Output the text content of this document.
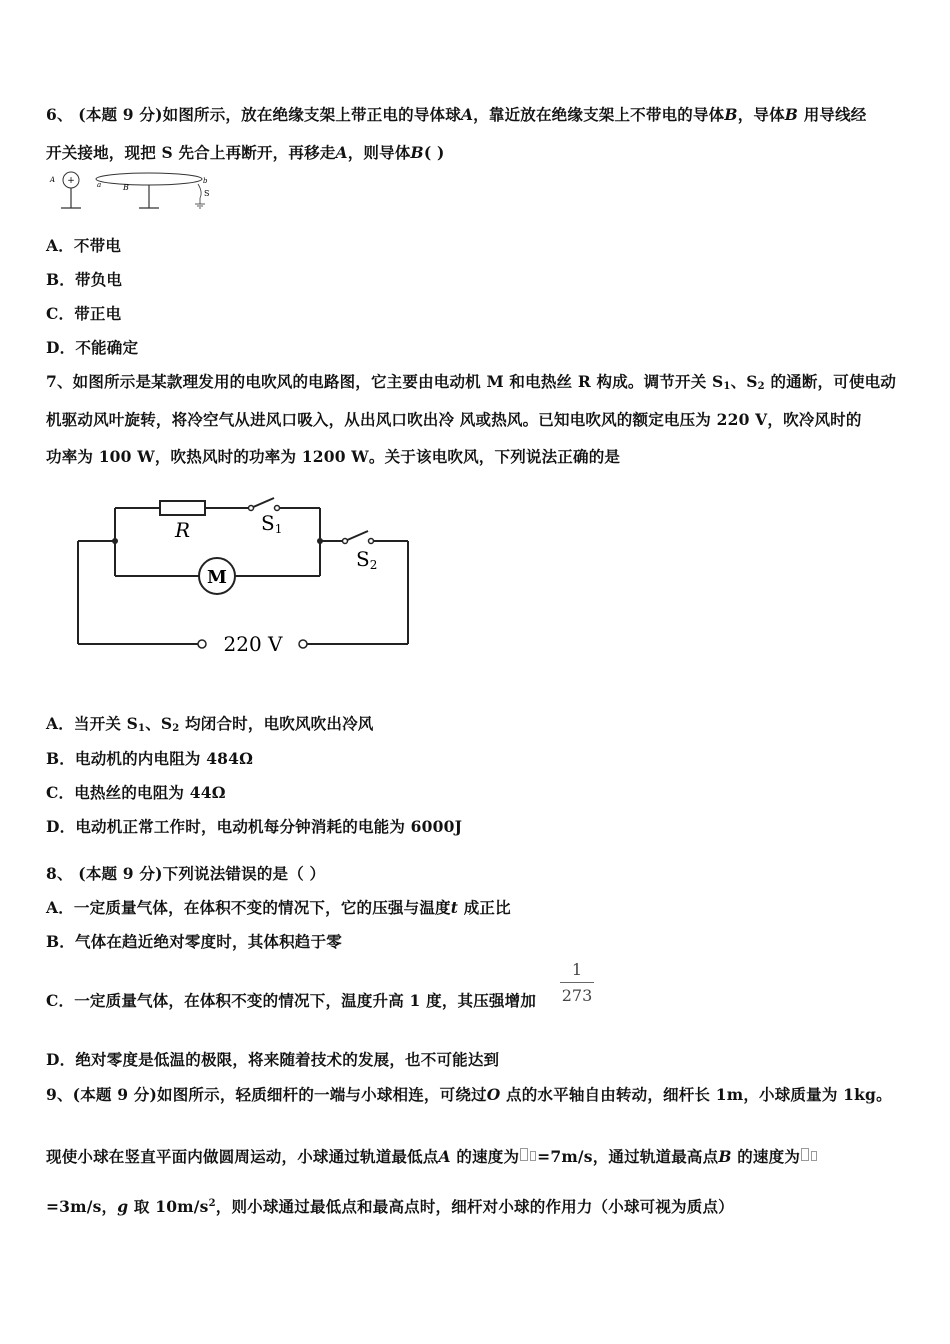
6、 (本题 9 分)如图所示，放在绝缘支架上带正电的导体球A，靠近放在绝缘支架上不带电的导体B，导体B 用导线经
开关接地，现把 S 先合上再断开，再移走A，则导体B( )
+
A
a	B
b
S
A．不带电
B．带负电
C．带正电
D．不能确定
7、如图所示是某款理发用的电吹风的电路图，它主要由电动机 M 和电热丝 R 构成。调节开关 $S_1$、$S_2$ 的通断，可使电动
机驱动风叶旋转，将冷空气从进风口吸入，从出风口吹出冷 风或热风。已知电吹风的额定电压为 220 V，吹冷风时的
功率为 100 W，吹热风时的功率为 1200 W。关于该电吹风，下列说法正确的是
R	S1
M
S2
220 V
A．当开关 $S_1$、$S_2$ 均闭合时，电吹风吹出冷风
B．电动机的内电阻为 484Ω
C．电热丝的电阻为 44Ω
D．电动机正常工作时，电动机每分钟消耗的电能为 6000J
8、 (本题 9 分)下列说法错误的是（ ）
A．一定质量气体，在体积不变的情况下，它的压强与温度t 成正比
B．气体在趋近绝对零度时，其体积趋于零
C．一定质量气体，在体积不变的情况下，温度升高 1 度，其压强增加
1
273
D．绝对零度是低温的极限，将来随着技术的发展，也不可能达到
9、(本题 9 分)如图所示，轻质细杆的一端与小球相连，可绕过O 点的水平轴自由转动，细杆长 1m，小球质量为 1kg。
现使小球在竖直平面内做圆周运动，小球通过轨道最低点A 的速度为 =7m/s，通过轨道最高点B 的速度为
=3m/s，g 取 $10m/s^2$，则小球通过最低点和最高点时，细杆对小球的作用力（小球可视为质点）
